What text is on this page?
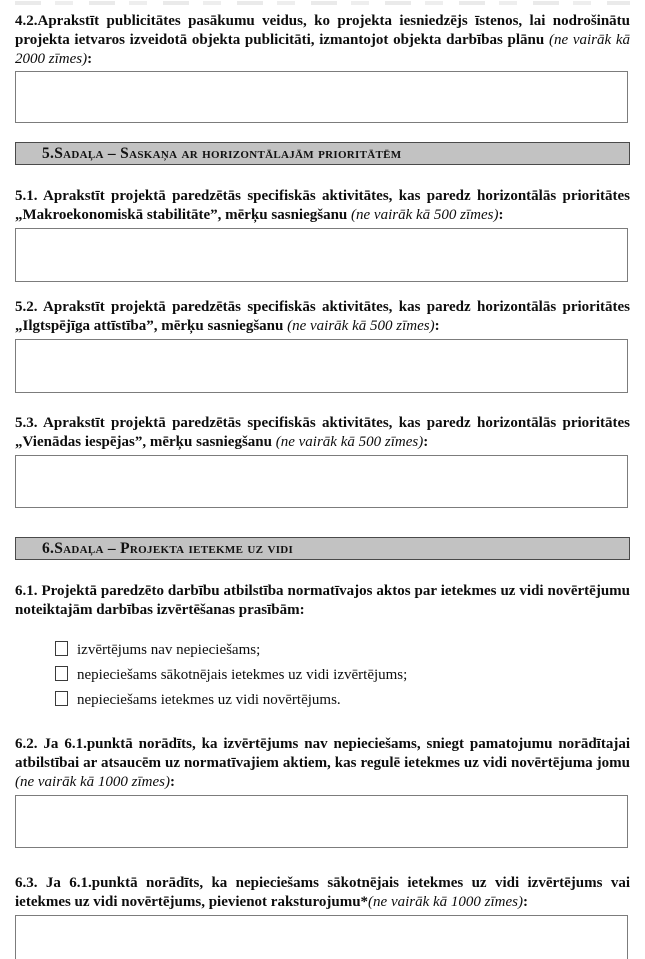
4.2.Aprakstīt publicitātes pasākumu veidus, ko projekta iesniedzējs īstenos, lai nodrošinātu projekta ietvaros izveidotā objekta publicitāti, izmantojot objekta darbības plānu (ne vairāk kā 2000 zīmes):

5.Sadaļa – Saskaņa ar horizontālajām prioritātēm

5.1. Aprakstīt projektā paredzētās specifiskās aktivitātes, kas paredz horizontālās prioritātes „Makroekonomiskā stabilitāte”, mērķu sasniegšanu (ne vairāk kā 500 zīmes):

5.2. Aprakstīt projektā paredzētās specifiskās aktivitātes, kas paredz horizontālās prioritātes „Ilgtspējīga attīstība”, mērķu sasniegšanu (ne vairāk kā 500 zīmes):

5.3. Aprakstīt projektā paredzētās specifiskās aktivitātes, kas paredz horizontālās prioritātes „Vienādas iespējas”, mērķu sasniegšanu (ne vairāk kā 500 zīmes):

6.Sadaļa – Projekta ietekme uz vidi

6.1. Projektā paredzēto darbību atbilstība normatīvajos aktos par ietekmes uz vidi novērtējumu noteiktajām darbības izvērtēšanas prasībām:

izvērtējums nav nepieciešams;
nepieciešams sākotnējais ietekmes uz vidi izvērtējums;
nepieciešams ietekmes uz vidi novērtējums.

6.2. Ja 6.1.punktā norādīts, ka izvērtējums nav nepieciešams, sniegt pamatojumu norādītajai atbilstībai ar atsaucēm uz normatīvajiem aktiem, kas regulē ietekmes uz vidi novērtējuma jomu (ne vairāk kā 1000 zīmes):

6.3. Ja 6.1.punktā norādīts, ka nepieciešams sākotnējais ietekmes uz vidi izvērtējums vai ietekmes uz vidi novērtējums, pievienot raksturojumu*(ne vairāk kā 1000 zīmes):
